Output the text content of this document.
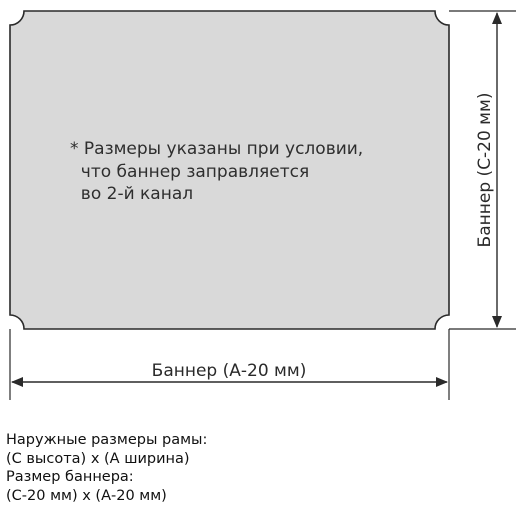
Баннер (А-20 мм)
Баннер (С-20 мм)
* Размеры указаны при условии,
что баннер заправляется
во 2-й канал
Наружные размеры рамы:
(С высота) х (А ширина)
Размер баннера:
(С-20 мм) х (А-20 мм)
